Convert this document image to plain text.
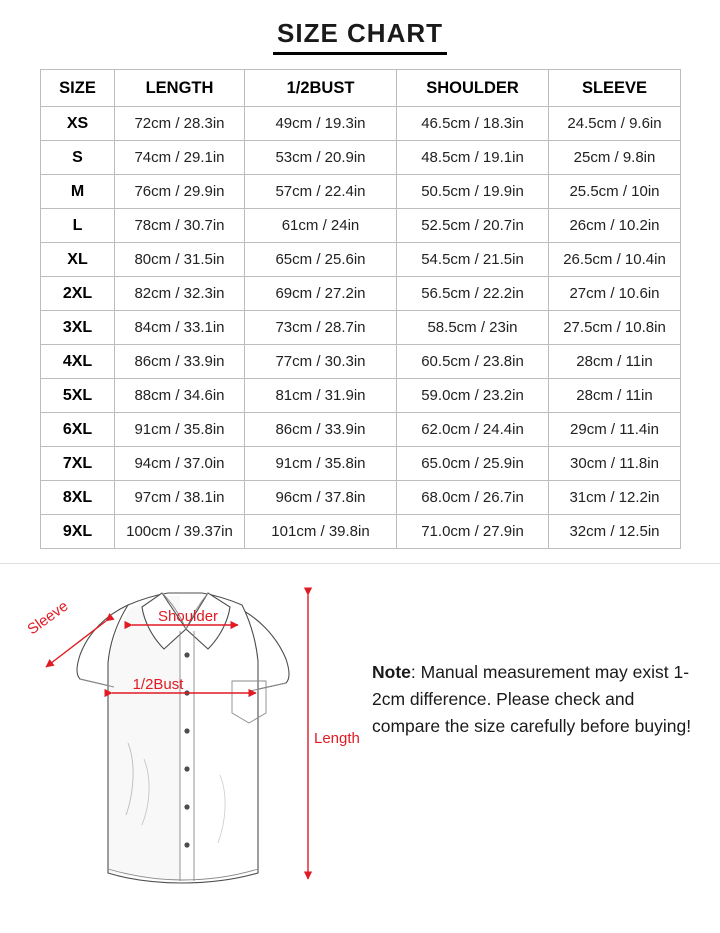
SIZE CHART
SIZE	LENGTH	1/2BUST	SHOULDER	SLEEVE
XS	72cm / 28.3in	49cm / 19.3in	46.5cm / 18.3in	24.5cm / 9.6in
S	74cm / 29.1in	53cm / 20.9in	48.5cm / 19.1in	25cm / 9.8in
M	76cm / 29.9in	57cm / 22.4in	50.5cm / 19.9in	25.5cm / 10in
L	78cm / 30.7in	61cm / 24in	52.5cm / 20.7in	26cm / 10.2in
XL	80cm / 31.5in	65cm / 25.6in	54.5cm / 21.5in	26.5cm / 10.4in
2XL	82cm / 32.3in	69cm / 27.2in	56.5cm / 22.2in	27cm / 10.6in
3XL	84cm / 33.1in	73cm / 28.7in	58.5cm / 23in	27.5cm / 10.8in
4XL	86cm / 33.9in	77cm / 30.3in	60.5cm / 23.8in	28cm / 11in
5XL	88cm / 34.6in	81cm / 31.9in	59.0cm / 23.2in	28cm / 11in
6XL	91cm / 35.8in	86cm / 33.9in	62.0cm / 24.4in	29cm / 11.4in
7XL	94cm / 37.0in	91cm / 35.8in	65.0cm / 25.9in	30cm / 11.8in
8XL	97cm / 38.1in	96cm / 37.8in	68.0cm / 26.7in	31cm / 12.2in
9XL	100cm / 39.37in	101cm / 39.8in	71.0cm / 27.9in	32cm / 12.5in
Sleeve	Shoulder
1/2Bust
Length
Note: Manual measurement may exist 1-2cm difference. Please check and compare the size carefully before buying!
